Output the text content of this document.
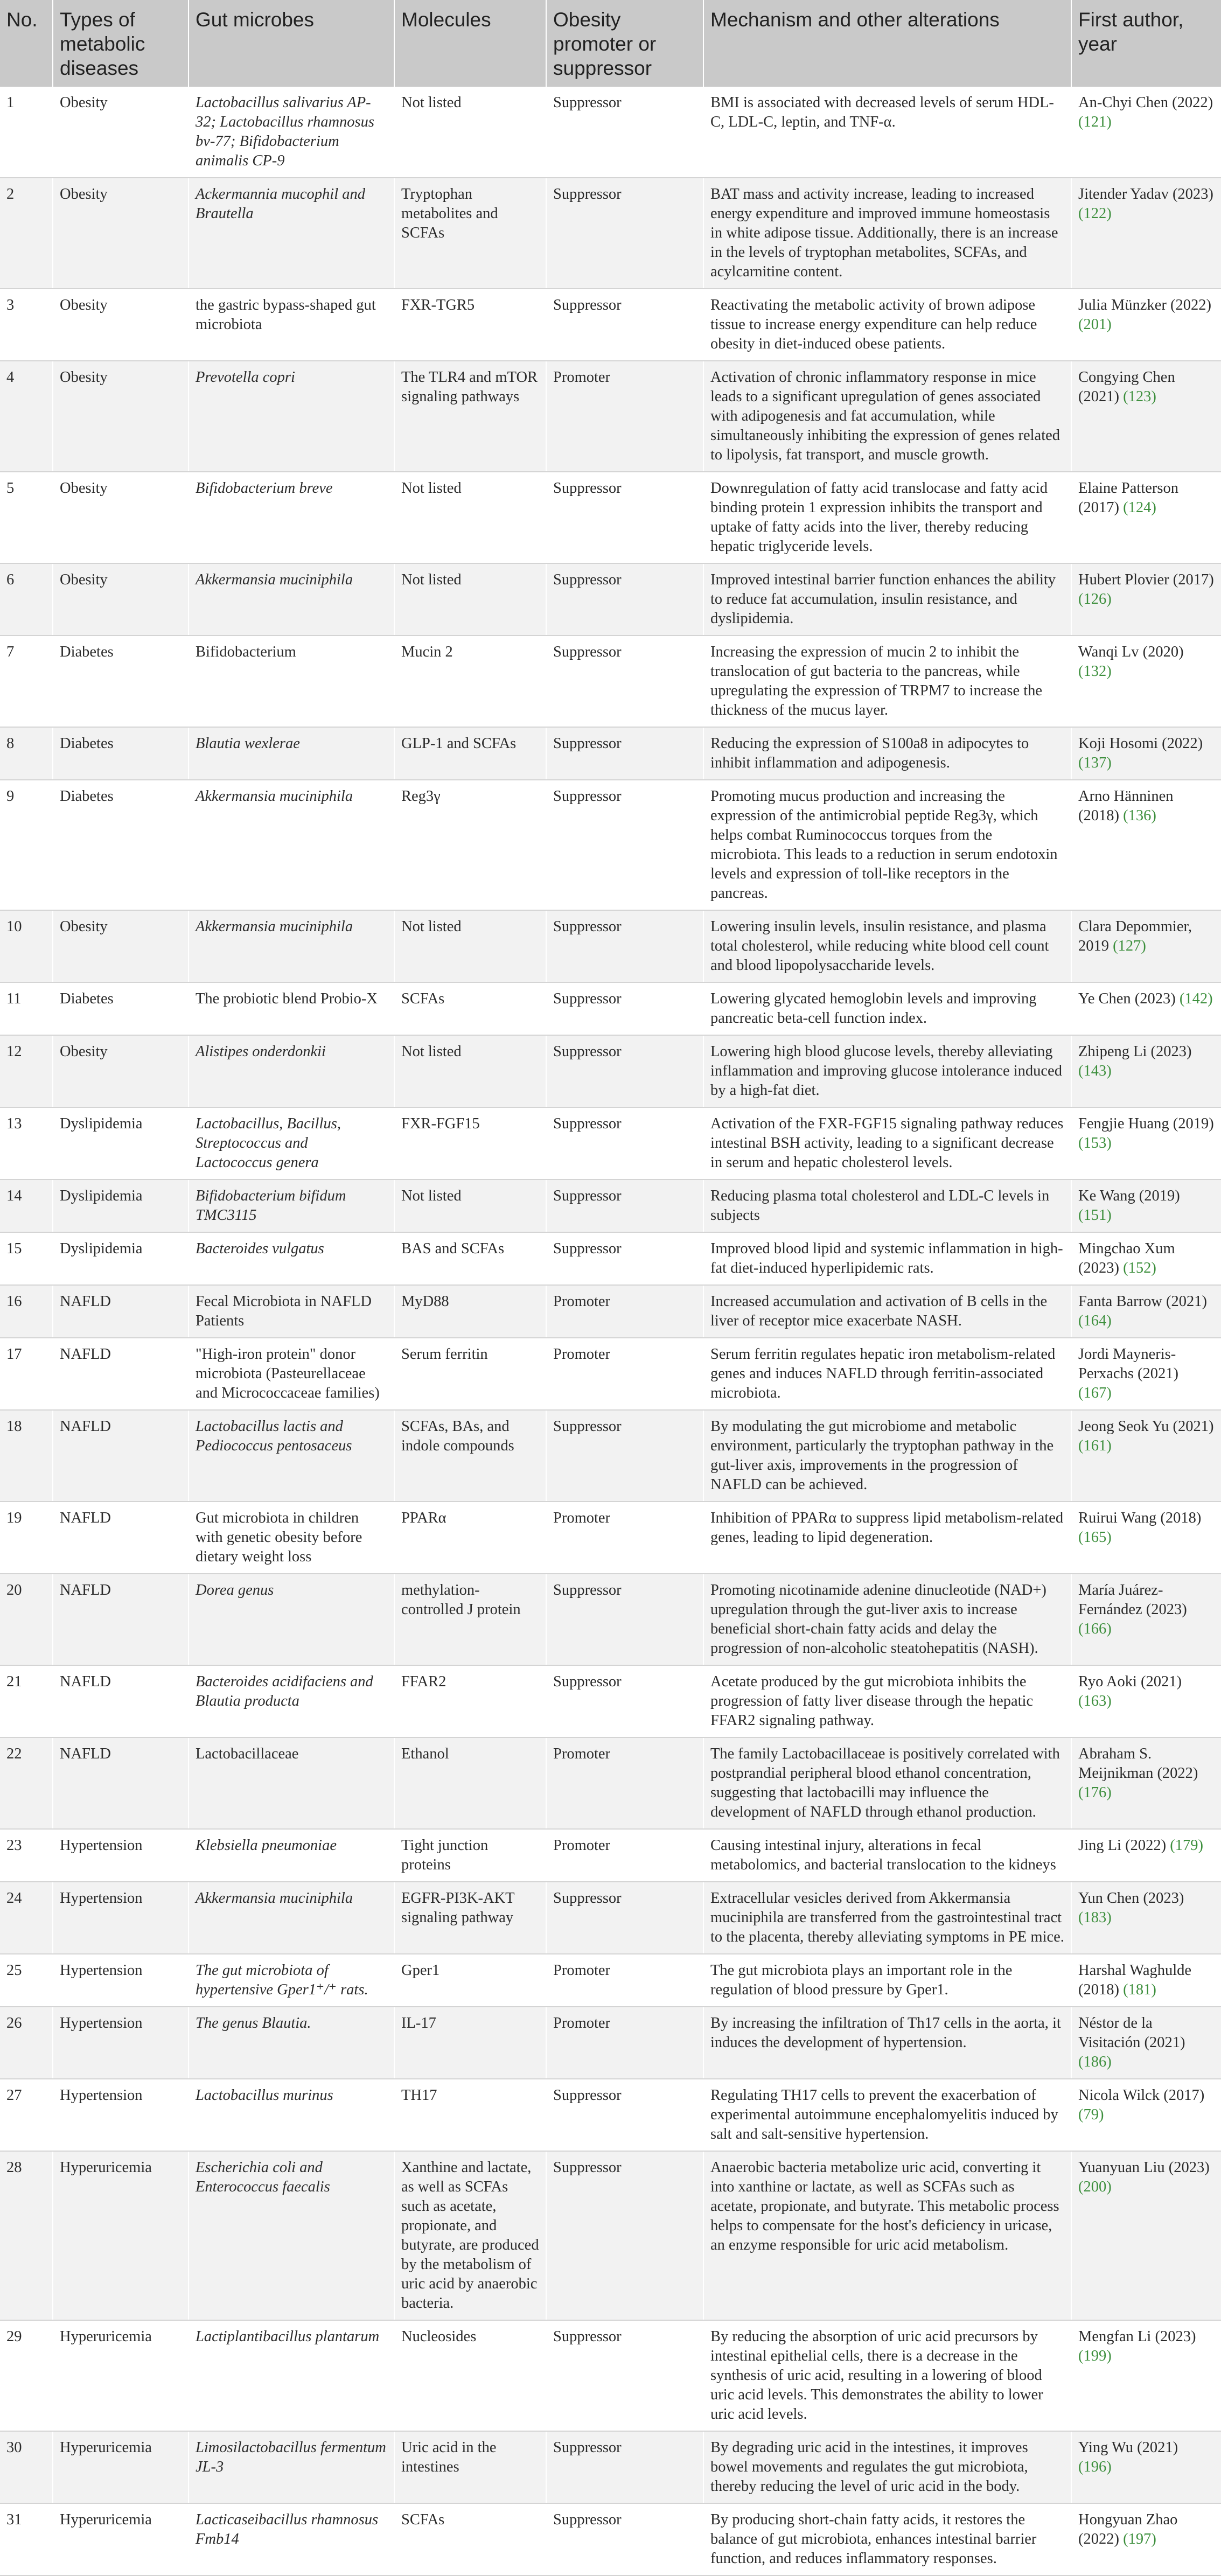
No.	Types of metabolic diseases	Gut microbes	Molecules	Obesity promoter or suppressor	Mechanism and other alterations	First author, year
1	Obesity	Lactobacillus salivarius AP-32; Lactobacillus rhamnosus bv-77; Bifidobacterium animalis CP-9	Not listed	Suppressor	BMI is associated with decreased levels of serum HDL-C, LDL-C, leptin, and TNF-α.	An-Chyi Chen (2022) (121)
2	Obesity	Ackermannia mucophil and Brautella	Tryptophan metabolites and SCFAs	Suppressor	BAT mass and activity increase, leading to increased energy expenditure and improved immune homeostasis in white adipose tissue. Additionally, there is an increase in the levels of tryptophan metabolites, SCFAs, and acylcarnitine content.	Jitender Yadav (2023) (122)
3	Obesity	the gastric bypass-shaped gut microbiota	FXR-TGR5	Suppressor	Reactivating the metabolic activity of brown adipose tissue to increase energy expenditure can help reduce obesity in diet-induced obese patients.	Julia Münzker (2022) (201)
4	Obesity	Prevotella copri	The TLR4 and mTOR signaling pathways	Promoter	Activation of chronic inflammatory response in mice leads to a significant upregulation of genes associated with adipogenesis and fat accumulation, while simultaneously inhibiting the expression of genes related to lipolysis, fat transport, and muscle growth.	Congying Chen (2021) (123)
5	Obesity	Bifidobacterium breve	Not listed	Suppressor	Downregulation of fatty acid translocase and fatty acid binding protein 1 expression inhibits the transport and uptake of fatty acids into the liver, thereby reducing hepatic triglyceride levels.	Elaine Patterson (2017) (124)
6	Obesity	Akkermansia muciniphila	Not listed	Suppressor	Improved intestinal barrier function enhances the ability to reduce fat accumulation, insulin resistance, and dyslipidemia.	Hubert Plovier (2017) (126)
7	Diabetes	Bifidobacterium	Mucin 2	Suppressor	Increasing the expression of mucin 2 to inhibit the translocation of gut bacteria to the pancreas, while upregulating the expression of TRPM7 to increase the thickness of the mucus layer.	Wanqi Lv (2020) (132)
8	Diabetes	Blautia wexlerae	GLP-1 and SCFAs	Suppressor	Reducing the expression of S100a8 in adipocytes to inhibit inflammation and adipogenesis.	Koji Hosomi (2022) (137)
9	Diabetes	Akkermansia muciniphila	Reg3γ	Suppressor	Promoting mucus production and increasing the expression of the antimicrobial peptide Reg3γ, which helps combat Ruminococcus torques from the microbiota. This leads to a reduction in serum endotoxin levels and expression of toll-like receptors in the pancreas.	Arno Hänninen (2018) (136)
10	Obesity	Akkermansia muciniphila	Not listed	Suppressor	Lowering insulin levels, insulin resistance, and plasma total cholesterol, while reducing white blood cell count and blood lipopolysaccharide levels.	Clara Depommier, 2019 (127)
11	Diabetes	The probiotic blend Probio-X	SCFAs	Suppressor	Lowering glycated hemoglobin levels and improving pancreatic beta-cell function index.	Ye Chen (2023) (142)
12	Obesity	Alistipes onderdonkii	Not listed	Suppressor	Lowering high blood glucose levels, thereby alleviating inflammation and improving glucose intolerance induced by a high-fat diet.	Zhipeng Li (2023) (143)
13	Dyslipidemia	Lactobacillus, Bacillus, Streptococcus and Lactococcus genera	FXR-FGF15	Suppressor	Activation of the FXR-FGF15 signaling pathway reduces intestinal BSH activity, leading to a significant decrease in serum and hepatic cholesterol levels.	Fengjie Huang (2019) (153)
14	Dyslipidemia	Bifidobacterium bifidum TMC3115	Not listed	Suppressor	Reducing plasma total cholesterol and LDL-C levels in subjects	Ke Wang (2019) (151)
15	Dyslipidemia	Bacteroides vulgatus	BAS and SCFAs	Suppressor	Improved blood lipid and systemic inflammation in high-fat diet-induced hyperlipidemic rats.	Mingchao Xum (2023) (152)
16	NAFLD	Fecal Microbiota in NAFLD Patients	MyD88	Promoter	Increased accumulation and activation of B cells in the liver of receptor mice exacerbate NASH.	Fanta Barrow (2021) (164)
17	NAFLD	"High-iron protein" donor microbiota (Pasteurellaceae and Micrococcaceae families)	Serum ferritin	Promoter	Serum ferritin regulates hepatic iron metabolism-related genes and induces NAFLD through ferritin-associated microbiota.	Jordi Mayneris-Perxachs (2021) (167)
18	NAFLD	Lactobacillus lactis and Pediococcus pentosaceus	SCFAs, BAs, and indole compounds	Suppressor	By modulating the gut microbiome and metabolic environment, particularly the tryptophan pathway in the gut-liver axis, improvements in the progression of NAFLD can be achieved.	Jeong Seok Yu (2021) (161)
19	NAFLD	Gut microbiota in children with genetic obesity before dietary weight loss	PPARα	Promoter	Inhibition of PPARα to suppress lipid metabolism-related genes, leading to lipid degeneration.	Ruirui Wang (2018) (165)
20	NAFLD	Dorea genus	methylation-controlled J protein	Suppressor	Promoting nicotinamide adenine dinucleotide (NAD+) upregulation through the gut-liver axis to increase beneficial short-chain fatty acids and delay the progression of non-alcoholic steatohepatitis (NASH).	María Juárez-Fernández (2023) (166)
21	NAFLD	Bacteroides acidifaciens and Blautia producta	FFAR2	Suppressor	Acetate produced by the gut microbiota inhibits the progression of fatty liver disease through the hepatic FFAR2 signaling pathway.	Ryo Aoki (2021) (163)
22	NAFLD	Lactobacillaceae	Ethanol	Promoter	The family Lactobacillaceae is positively correlated with postprandial peripheral blood ethanol concentration, suggesting that lactobacilli may influence the development of NAFLD through ethanol production.	Abraham S. Meijnikman (2022) (176)
23	Hypertension	Klebsiella pneumoniae	Tight junction proteins	Promoter	Causing intestinal injury, alterations in fecal metabolomics, and bacterial translocation to the kidneys	Jing Li (2022) (179)
24	Hypertension	Akkermansia muciniphila	EGFR-PI3K-AKT signaling pathway	Suppressor	Extracellular vesicles derived from Akkermansia muciniphila are transferred from the gastrointestinal tract to the placenta, thereby alleviating symptoms in PE mice.	Yun Chen (2023) (183)
25	Hypertension	The gut microbiota of hypertensive Gper1⁺/⁺ rats.	Gper1	Promoter	The gut microbiota plays an important role in the regulation of blood pressure by Gper1.	Harshal Waghulde (2018) (181)
26	Hypertension	The genus Blautia.	IL-17	Promoter	By increasing the infiltration of Th17 cells in the aorta, it induces the development of hypertension.	Néstor de la Visitación (2021) (186)
27	Hypertension	Lactobacillus murinus	TH17	Suppressor	Regulating TH17 cells to prevent the exacerbation of experimental autoimmune encephalomyelitis induced by salt and salt-sensitive hypertension.	Nicola Wilck (2017) (79)
28	Hyperuricemia	Escherichia coli and Enterococcus faecalis	Xanthine and lactate, as well as SCFAs such as acetate, propionate, and butyrate, are produced by the metabolism of uric acid by anaerobic bacteria.	Suppressor	Anaerobic bacteria metabolize uric acid, converting it into xanthine or lactate, as well as SCFAs such as acetate, propionate, and butyrate. This metabolic process helps to compensate for the host's deficiency in uricase, an enzyme responsible for uric acid metabolism.	Yuanyuan Liu (2023) (200)
29	Hyperuricemia	Lactiplantibacillus plantarum	Nucleosides	Suppressor	By reducing the absorption of uric acid precursors by intestinal epithelial cells, there is a decrease in the synthesis of uric acid, resulting in a lowering of blood uric acid levels. This demonstrates the ability to lower uric acid levels.	Mengfan Li (2023) (199)
30	Hyperuricemia	Limosilactobacillus fermentum JL-3	Uric acid in the intestines	Suppressor	By degrading uric acid in the intestines, it improves bowel movements and regulates the gut microbiota, thereby reducing the level of uric acid in the body.	Ying Wu (2021) (196)
31	Hyperuricemia	Lacticaseibacillus rhamnosus Fmb14	SCFAs	Suppressor	By producing short-chain fatty acids, it restores the balance of gut microbiota, enhances intestinal barrier function, and reduces inflammatory responses.	Hongyuan Zhao (2022) (197)
